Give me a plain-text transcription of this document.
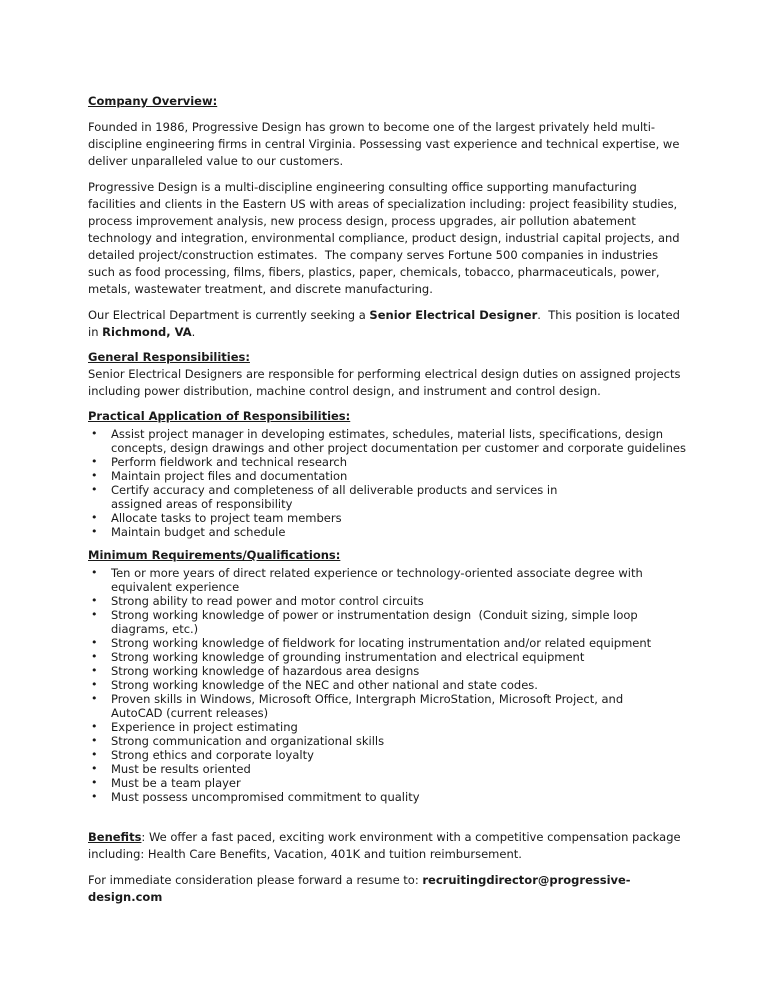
Company Overview:
Founded in 1986, Progressive Design has grown to become one of the largest privately held multi-
discipline engineering firms in central Virginia. Possessing vast experience and technical expertise, we
deliver unparalleled value to our customers.
Progressive Design is a multi-discipline engineering consulting office supporting manufacturing
facilities and clients in the Eastern US with areas of specialization including: project feasibility studies,
process improvement analysis, new process design, process upgrades, air pollution abatement
technology and integration, environmental compliance, product design, industrial capital projects, and
detailed project/construction estimates.  The company serves Fortune 500 companies in industries
such as food processing, films, fibers, plastics, paper, chemicals, tobacco, pharmaceuticals, power,
metals, wastewater treatment, and discrete manufacturing.
Our Electrical Department is currently seeking a Senior Electrical Designer.  This position is located
in Richmond, VA.
General Responsibilities:
Senior Electrical Designers are responsible for performing electrical design duties on assigned projects
including power distribution, machine control design, and instrument and control design.
Practical Application of Responsibilities:
•	Assist project manager in developing estimates, schedules, material lists, specifications, design
concepts, design drawings and other project documentation per customer and corporate guidelines
•	Perform fieldwork and technical research
•	Maintain project files and documentation
•	Certify accuracy and completeness of all deliverable products and services in
assigned areas of responsibility
•	Allocate tasks to project team members
•	Maintain budget and schedule
Minimum Requirements/Qualifications:
•	Ten or more years of direct related experience or technology-oriented associate degree with
equivalent experience
•	Strong ability to read power and motor control circuits
•	Strong working knowledge of power or instrumentation design  (Conduit sizing, simple loop
diagrams, etc.)
•	Strong working knowledge of fieldwork for locating instrumentation and/or related equipment
•	Strong working knowledge of grounding instrumentation and electrical equipment
•	Strong working knowledge of hazardous area designs
•	Strong working knowledge of the NEC and other national and state codes.
•	Proven skills in Windows, Microsoft Office, Intergraph MicroStation, Microsoft Project, and
AutoCAD (current releases)
•	Experience in project estimating
•	Strong communication and organizational skills
•	Strong ethics and corporate loyalty
•	Must be results oriented
•	Must be a team player
•	Must possess uncompromised commitment to quality
Benefits: We offer a fast paced, exciting work environment with a competitive compensation package
including: Health Care Benefits, Vacation, 401K and tuition reimbursement.
For immediate consideration please forward a resume to: recruitingdirector@progressive-
design.com
